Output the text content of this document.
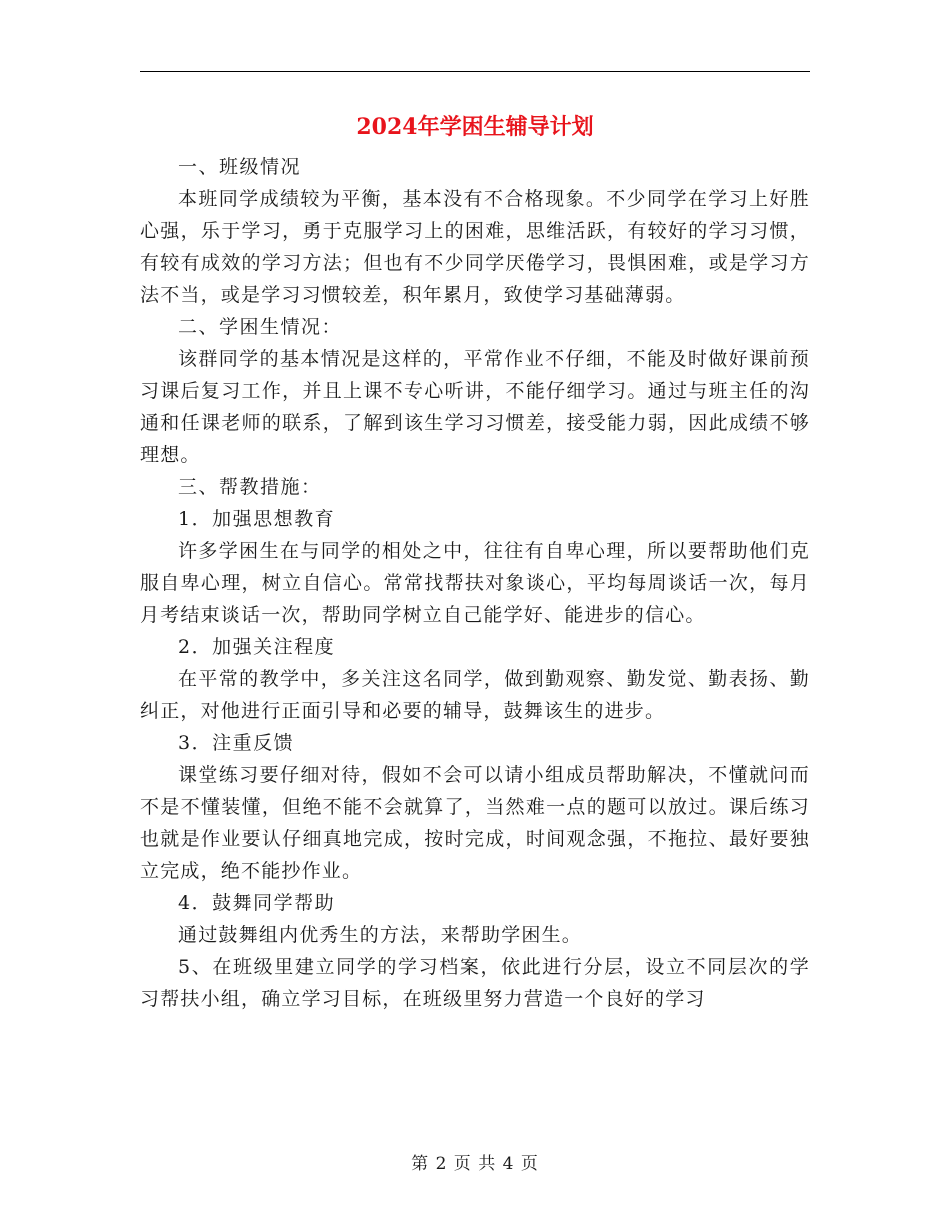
2024年学困生辅导计划

一、班级情况

本班同学成绩较为平衡，基本没有不合格现象。不少同学在学习上好胜心强，乐于学习，勇于克服学习上的困难，思维活跃，有较好的学习习惯，有较有成效的学习方法；但也有不少同学厌倦学习，畏惧困难，或是学习方法不当，或是学习习惯较差，积年累月，致使学习基础薄弱。

二、学困生情况：

该群同学的基本情况是这样的，平常作业不仔细，不能及时做好课前预习课后复习工作，并且上课不专心听讲，不能仔细学习。通过与班主任的沟通和任课老师的联系，了解到该生学习习惯差，接受能力弱，因此成绩不够理想。

三、帮教措施：

1．加强思想教育

许多学困生在与同学的相处之中，往往有自卑心理，所以要帮助他们克服自卑心理，树立自信心。常常找帮扶对象谈心，平均每周谈话一次，每月月考结束谈话一次，帮助同学树立自己能学好、能进步的信心。

2．加强关注程度

在平常的教学中，多关注这名同学，做到勤观察、勤发觉、勤表扬、勤纠正，对他进行正面引导和必要的辅导，鼓舞该生的进步。

3．注重反馈

课堂练习要仔细对待，假如不会可以请小组成员帮助解决，不懂就问而不是不懂装懂，但绝不能不会就算了，当然难一点的题可以放过。课后练习也就是作业要认仔细真地完成，按时完成，时间观念强，不拖拉、最好要独立完成，绝不能抄作业。

4．鼓舞同学帮助

通过鼓舞组内优秀生的方法，来帮助学困生。

5、在班级里建立同学的学习档案，依此进行分层，设立不同层次的学习帮扶小组，确立学习目标，在班级里努力营造一个良好的学习

第 2 页 共 4 页
